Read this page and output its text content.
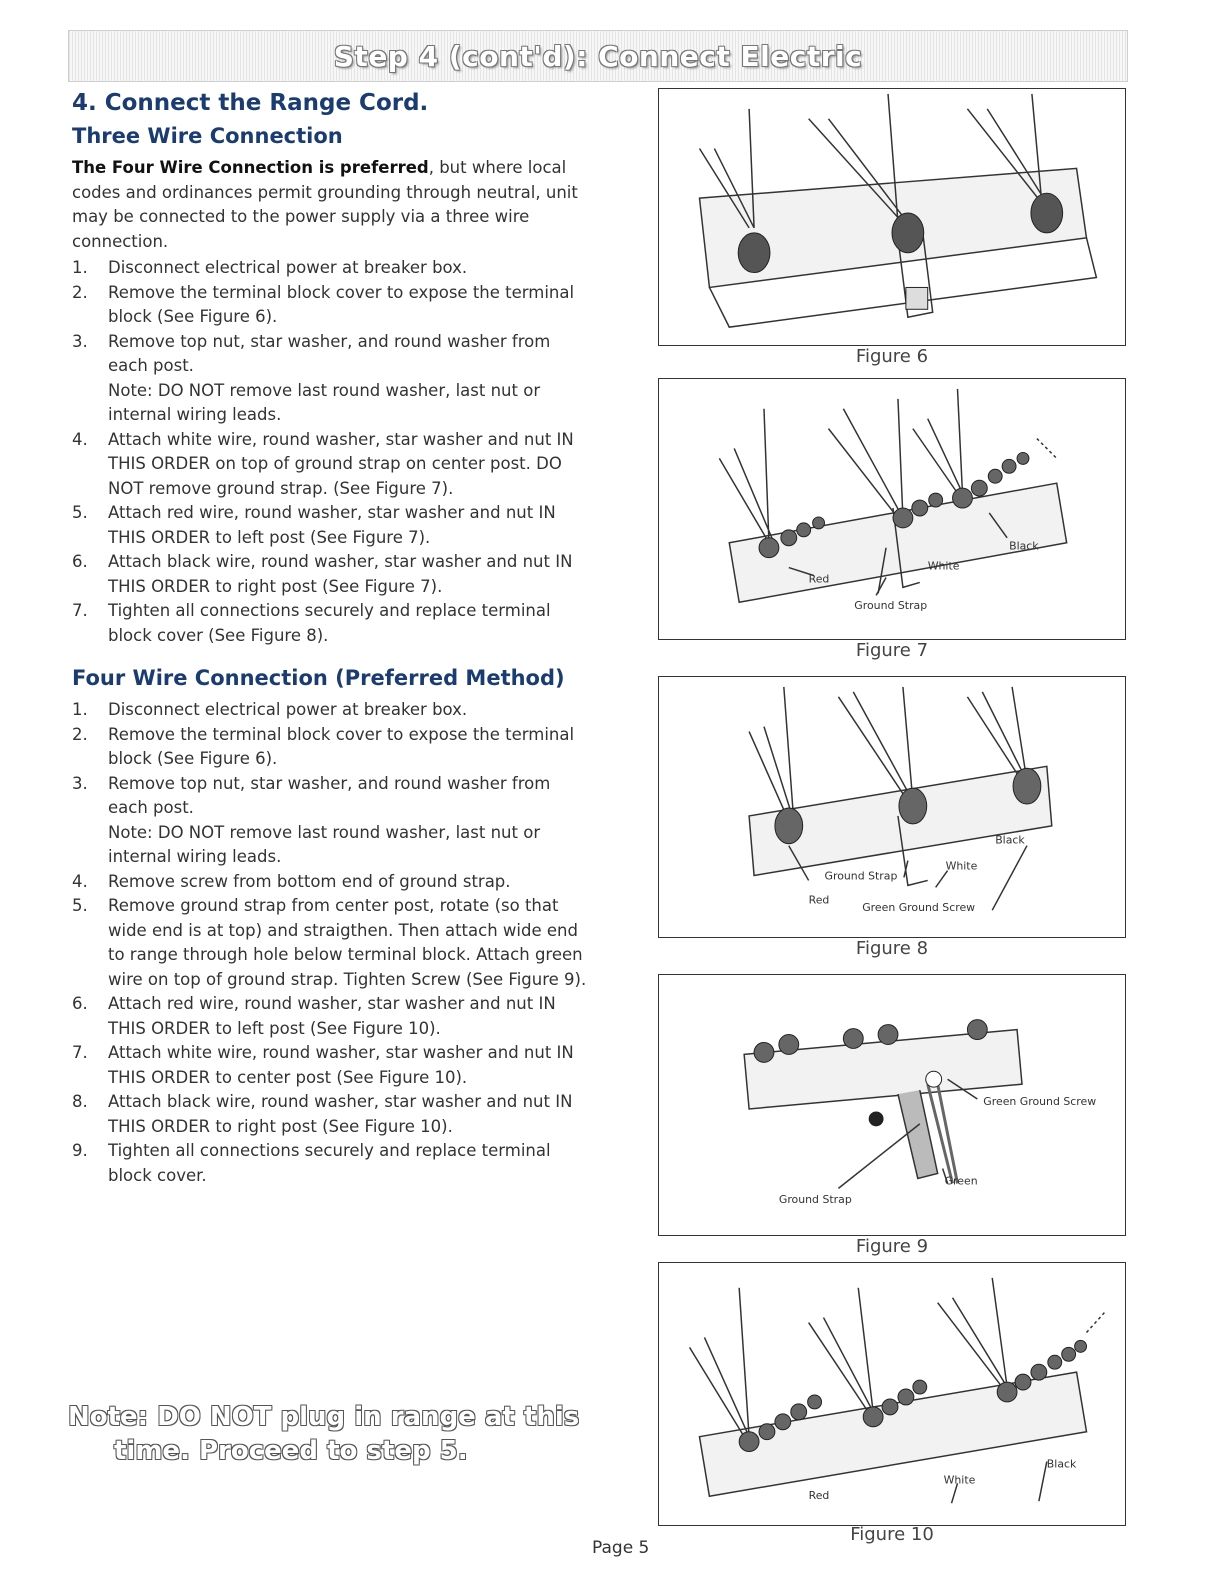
Step 4 (cont'd): Connect Electric
4. Connect the Range Cord.
Three Wire Connection

The Four Wire Connection is preferred, but where local codes and ordinances permit grounding through neutral, unit may be connected to the power supply via a three wire connection.

1. Disconnect electrical power at breaker box.
2. Remove the terminal block cover to expose the terminal block (See Figure 6).
3. Remove top nut, star washer, and round washer from each post.
Note: DO NOT remove last round washer, last nut or internal wiring leads.
4. Attach white wire, round washer, star washer and nut IN THIS ORDER on top of ground strap on center post. DO NOT remove ground strap. (See Figure 7).
5. Attach red wire, round washer, star washer and nut IN THIS ORDER to left post (See Figure 7).
6. Attach black wire, round washer, star washer and nut IN THIS ORDER to right post (See Figure 7).
7. Tighten all connections securely and replace terminal block cover (See Figure 8).
Four Wire Connection (Preferred Method)
1. Disconnect electrical power at breaker box.
2. Remove the terminal block cover to expose the terminal block (See Figure 6).
3. Remove top nut, star washer, and round washer from each post.
Note: DO NOT remove last round washer, last nut or internal wiring leads.
4. Remove screw from bottom end of ground strap.
5. Remove ground strap from center post, rotate (so that wide end is at top) and straigthen. Then attach wide end to range through hole below terminal block. Attach green wire on top of ground strap. Tighten Screw (See Figure 9).
6. Attach red wire, round washer, star washer and nut IN THIS ORDER to left post (See Figure 10).
7. Attach white wire, round washer, star washer and nut IN THIS ORDER to center post (See Figure 10).
8. Attach black wire, round washer, star washer and nut IN THIS ORDER to right post (See Figure 10).
9. Tighten all connections securely and replace terminal block cover.
Note: DO NOT plug in range at this
time. Proceed to step 5.
Figure 6
Red
White
Black
Ground Strap
Figure 7
Ground Strap
White
Black
Red
Green Ground Screw
Figure 8
Green Ground Screw
Green
Ground Strap
Figure 9
Red
White
Black
Figure 10
Page 5
